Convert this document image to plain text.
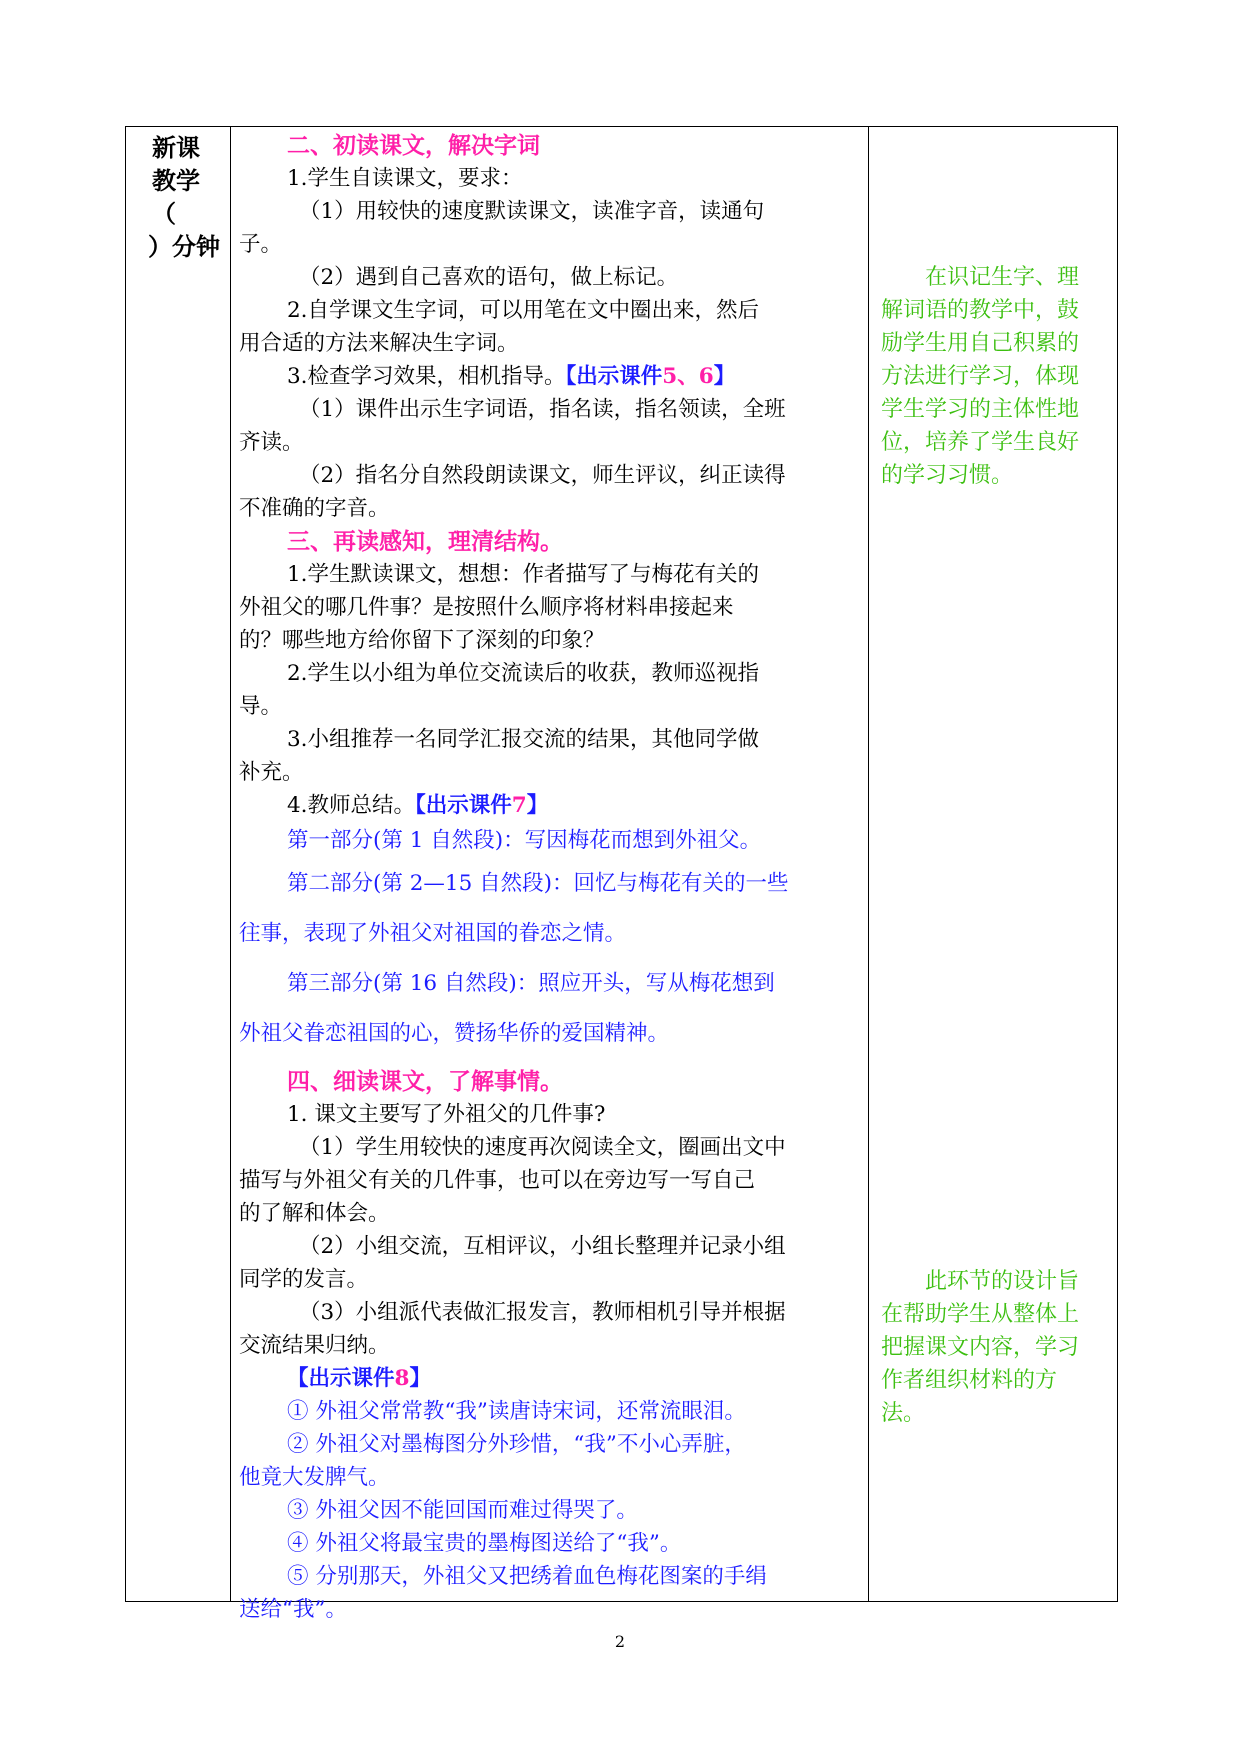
新课
教学
（
）分钟

二、初读课文，解决字词

1.学生自读课文，要求：

（1）用较快的速度默读课文，读准字音，读通句

子。

（2）遇到自己喜欢的语句，做上标记。

2.自学课文生字词，可以用笔在文中圈出来，然后

用合适的方法来解决生字词。

3.检查学习效果，相机指导。【出示课件5、6】

（1）课件出示生字词语，指名读，指名领读，全班

齐读。

（2）指名分自然段朗读课文，师生评议，纠正读得

不准确的字音。

三、再读感知，理清结构。

1.学生默读课文，想想：作者描写了与梅花有关的

外祖父的哪几件事？是按照什么顺序将材料串接起来

的？哪些地方给你留下了深刻的印象？

2.学生以小组为单位交流读后的收获，教师巡视指

导。

3.小组推荐一名同学汇报交流的结果，其他同学做

补充。

4.教师总结。【出示课件7】

第一部分(第 1 自然段)：写因梅花而想到外祖父。

第二部分(第 2—15 自然段)：回忆与梅花有关的一些

往事，表现了外祖父对祖国的眷恋之情。

第三部分(第 16 自然段)：照应开头，写从梅花想到

外祖父眷恋祖国的心，赞扬华侨的爱国精神。

四、细读课文，了解事情。

1. 课文主要写了外祖父的几件事?

（1）学生用较快的速度再次阅读全文，圈画出文中

描写与外祖父有关的几件事，也可以在旁边写一写自己

的了解和体会。

（2）小组交流，互相评议，小组长整理并记录小组

同学的发言。

（3）小组派代表做汇报发言，教师相机引导并根据

交流结果归纳。

【出示课件8】

① 外祖父常常教“我”读唐诗宋词，还常流眼泪。

② 外祖父对墨梅图分外珍惜，“我”不小心弄脏，

他竟大发脾气。

③ 外祖父因不能回国而难过得哭了。

④ 外祖父将最宝贵的墨梅图送给了“我”。

⑤ 分别那天，外祖父又把绣着血色梅花图案的手绢

送给“我”。

在识记生字、理

解词语的教学中，鼓

励学生用自己积累的

方法进行学习，体现

学生学习的主体性地

位，培养了学生良好

的学习习惯。

此环节的设计旨

在帮助学生从整体上

把握课文内容，学习

作者组织材料的方

法。

2
